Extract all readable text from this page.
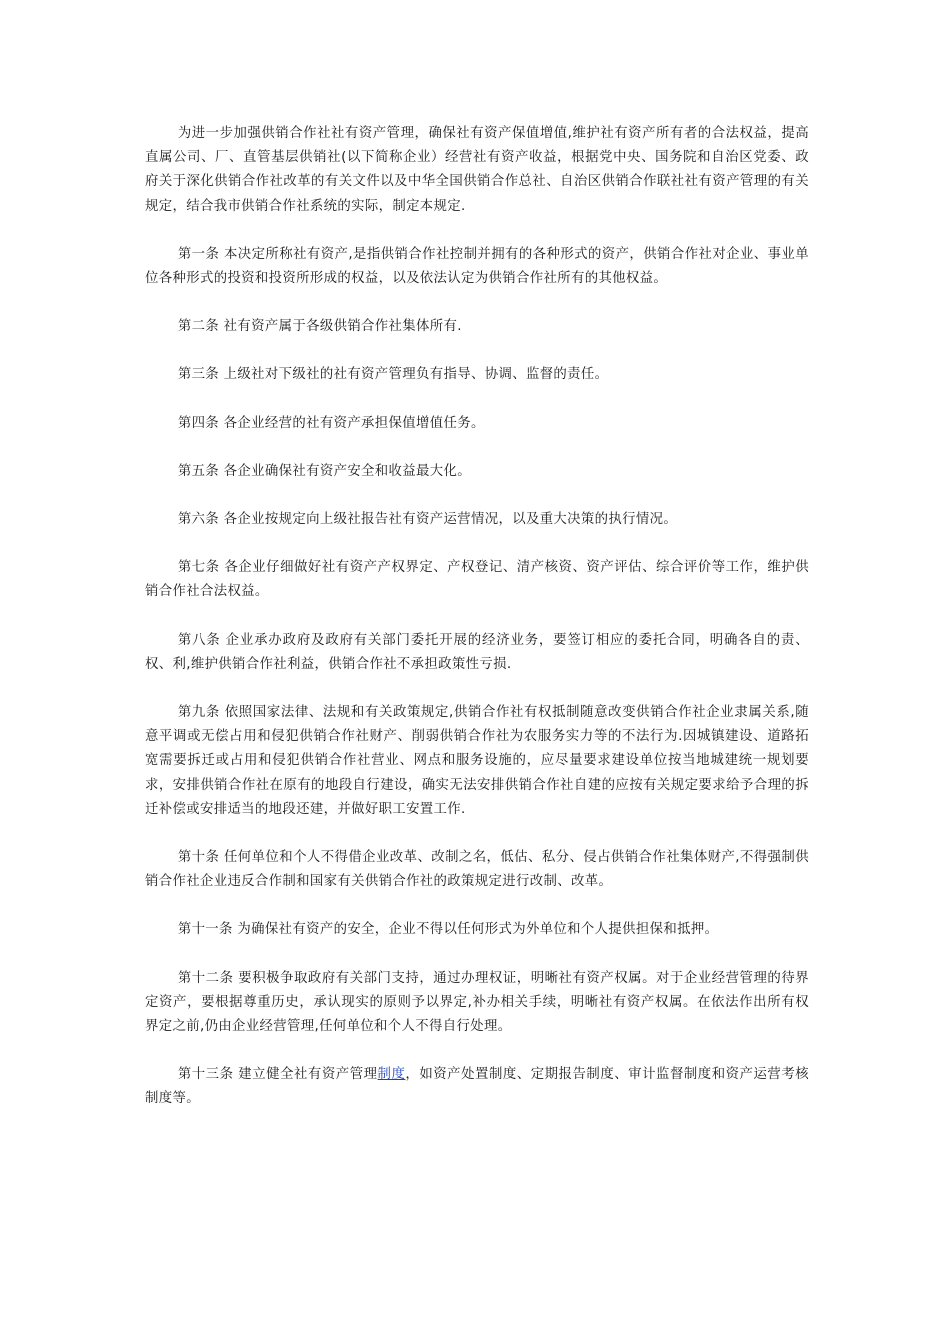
为进一步加强供销合作社社有资产管理，确保社有资产保值增值,维护社有资产所有者的合法权益，提高直属公司、厂、直管基层供销社(以下简称企业）经营社有资产收益，根据党中央、国务院和自治区党委、政府关于深化供销合作社改革的有关文件以及中华全国供销合作总社、自治区供销合作联社社有资产管理的有关规定，结合我市供销合作社系统的实际，制定本规定.

第一条 本决定所称社有资产,是指供销合作社控制并拥有的各种形式的资产，供销合作社对企业、事业单位各种形式的投资和投资所形成的权益，以及依法认定为供销合作社所有的其他权益。

第二条 社有资产属于各级供销合作社集体所有.

第三条 上级社对下级社的社有资产管理负有指导、协调、监督的责任。

第四条 各企业经营的社有资产承担保值增值任务。

第五条 各企业确保社有资产安全和收益最大化。

第六条 各企业按规定向上级社报告社有资产运营情况，以及重大决策的执行情况。

第七条 各企业仔细做好社有资产产权界定、产权登记、清产核资、资产评估、综合评价等工作，维护供销合作社合法权益。

第八条 企业承办政府及政府有关部门委托开展的经济业务，要签订相应的委托合同，明确各自的责、权、利,维护供销合作社利益，供销合作社不承担政策性亏损.

第九条 依照国家法律、法规和有关政策规定,供销合作社有权抵制随意改变供销合作社企业隶属关系,随意平调或无偿占用和侵犯供销合作社财产、削弱供销合作社为农服务实力等的不法行为.因城镇建设、道路拓宽需要拆迁或占用和侵犯供销合作社营业、网点和服务设施的，应尽量要求建设单位按当地城建统一规划要求，安排供销合作社在原有的地段自行建设，确实无法安排供销合作社自建的应按有关规定要求给予合理的拆迁补偿或安排适当的地段还建，并做好职工安置工作.

第十条 任何单位和个人不得借企业改革、改制之名，低估、私分、侵占供销合作社集体财产,不得强制供销合作社企业违反合作制和国家有关供销合作社的政策规定进行改制、改革。

第十一条 为确保社有资产的安全，企业不得以任何形式为外单位和个人提供担保和抵押。

第十二条 要积极争取政府有关部门支持，通过办理权证，明晰社有资产权属。对于企业经营管理的待界定资产，要根据尊重历史，承认现实的原则予以界定,补办相关手续，明晰社有资产权属。在依法作出所有权界定之前,仍由企业经营管理,任何单位和个人不得自行处理。

第十三条 建立健全社有资产管理制度，如资产处置制度、定期报告制度、审计监督制度和资产运营考核制度等。
